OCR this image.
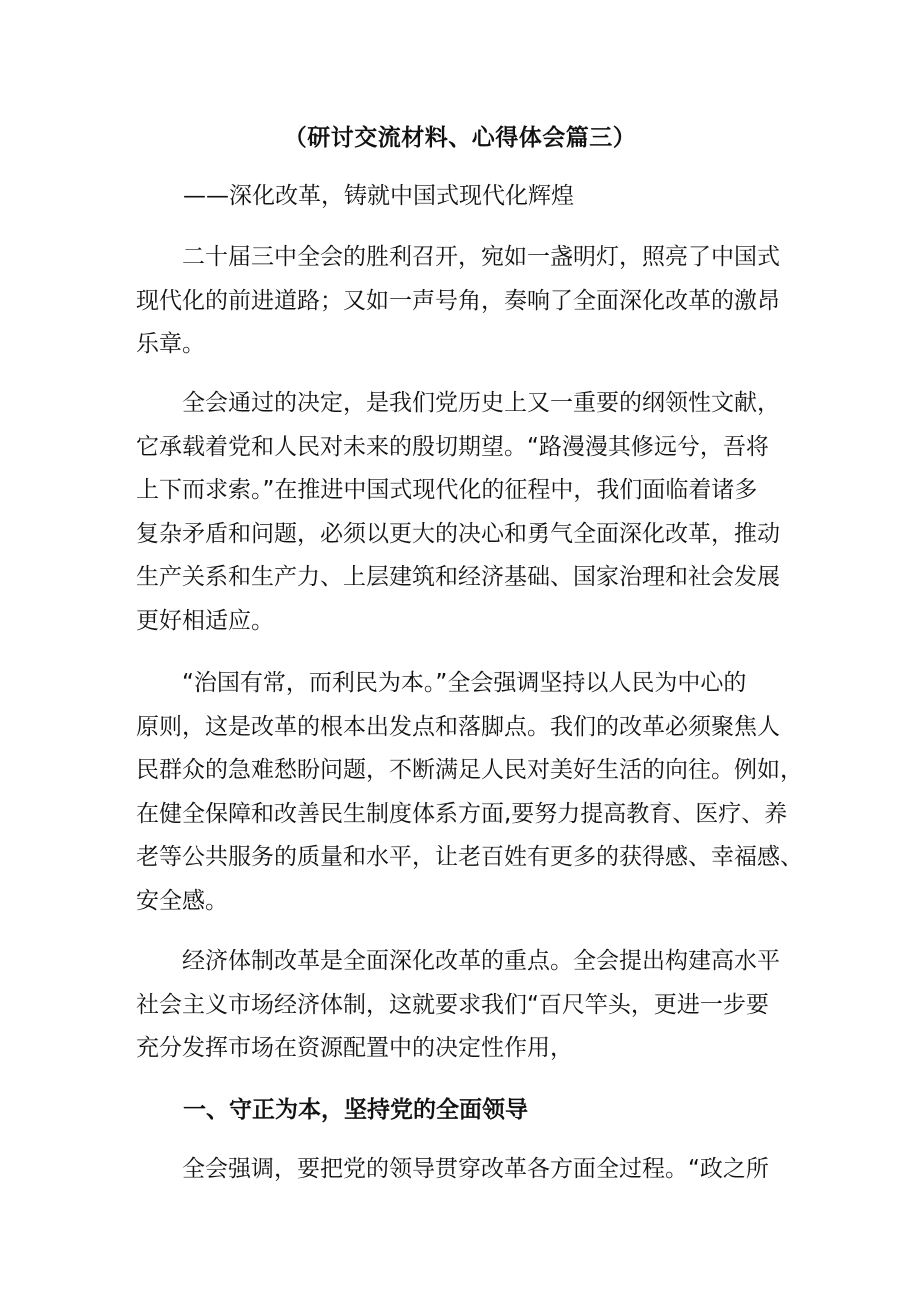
（研讨交流材料、心得体会篇三）

——深化改革，铸就中国式现代化辉煌

　　二十届三中全会的胜利召开，宛如一盏明灯，照亮了中国式
现代化的前进道路；又如一声号角，奏响了全面深化改革的激昂
乐章。
　　全会通过的决定，是我们党历史上又一重要的纲领性文献，
它承载着党和人民对未来的殷切期望。“路漫漫其修远兮，吾将
上下而求索。”在推进中国式现代化的征程中，我们面临着诸多
复杂矛盾和问题，必须以更大的决心和勇气全面深化改革，推动
生产关系和生产力、上层建筑和经济基础、国家治理和社会发展
更好相适应。
　　“治国有常，而利民为本。”全会强调坚持以人民为中心的
原则，这是改革的根本出发点和落脚点。我们的改革必须聚焦人
民群众的急难愁盼问题，不断满足人民对美好生活的向往。例如，
在健全保障和改善民生制度体系方面,要努力提高教育、医疗、养
老等公共服务的质量和水平，让老百姓有更多的获得感、幸福感、
安全感。
　　经济体制改革是全面深化改革的重点。全会提出构建高水平
社会主义市场经济体制，这就要求我们“百尺竿头，更进一步要
充分发挥市场在资源配置中的决定性作用，

一、守正为本，坚持党的全面领导

　　全会强调，要把党的领导贯穿改革各方面全过程。“政之所
